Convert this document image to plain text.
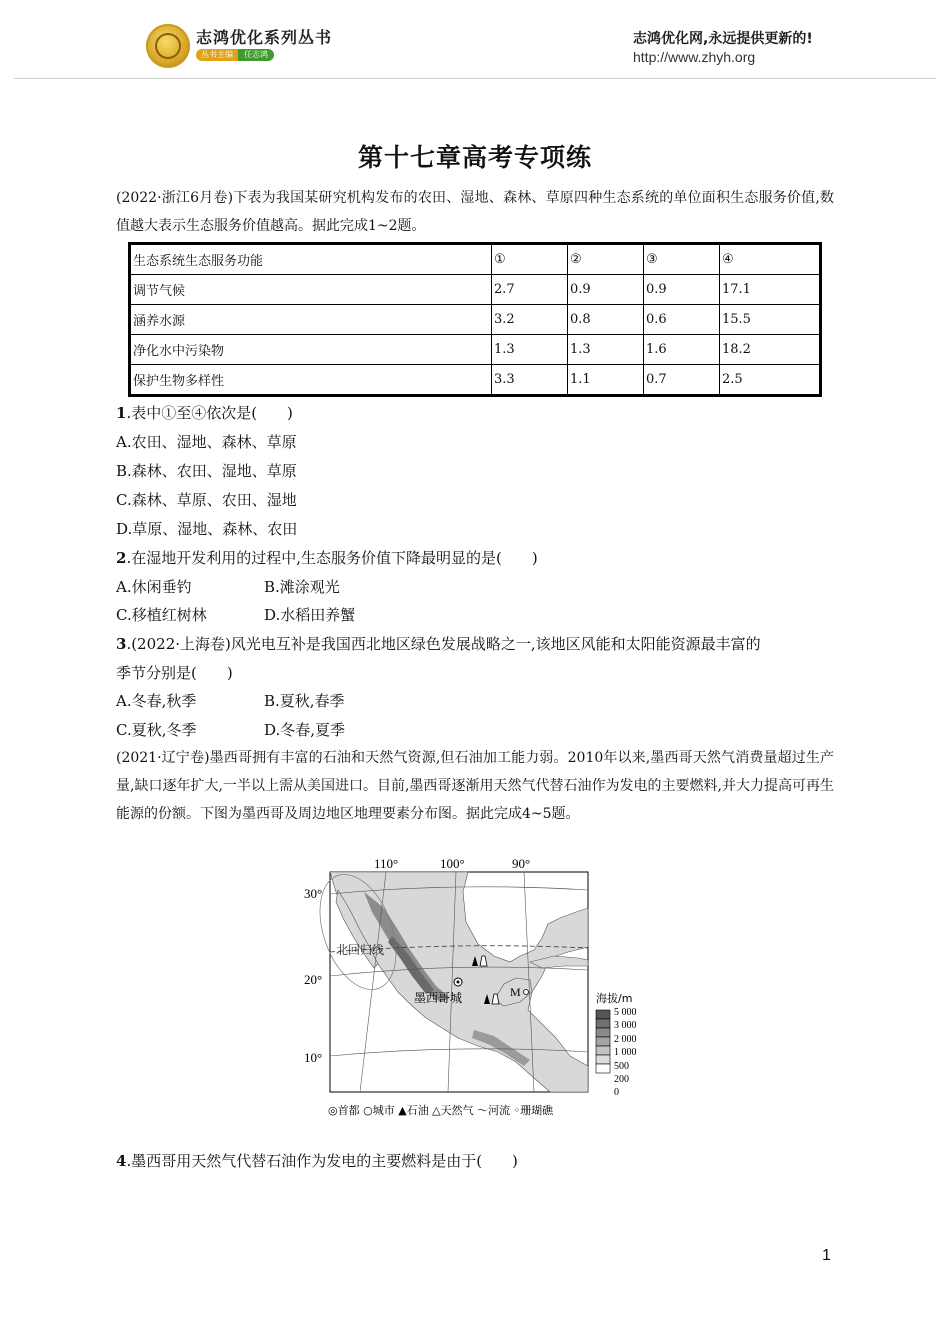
志鸿优化系列丛书
丛书主编	任志鸿
志鸿优化网,永远提供更新的!
http://www.zhyh.org
第十七章高考专项练
(2022·浙江6月卷)下表为我国某研究机构发布的农田、湿地、森林、草原四种生态系统的单位面积生态服务价值,数值越大表示生态服务价值越高。据此完成1~2题。
生态系统生态服务功能	①	②	③	④
调节气候	2.7	0.9	0.9	17.1
涵养水源	3.2	0.8	0.6	15.5
净化水中污染物	1.3	1.3	1.6	18.2
保护生物多样性	3.3	1.1	0.7	2.5
1.表中①至④依次是(　　)
A.农田、湿地、森林、草原
B.森林、农田、湿地、草原
C.森林、草原、农田、湿地
D.草原、湿地、森林、农田
2.在湿地开发利用的过程中,生态服务价值下降最明显的是(　　)
A.休闲垂钓	B.滩涂观光
C.移植红树林	D.水稻田养蟹
3.(2022·上海卷)风光电互补是我国西北地区绿色发展战略之一,该地区风能和太阳能资源最丰富的
季节分别是(　　)
A.冬春,秋季	B.夏秋,春季
C.夏秋,冬季	D.冬春,夏季
(2021·辽宁卷)墨西哥拥有丰富的石油和天然气资源,但石油加工能力弱。2010年以来,墨西哥天然气消费量超过生产量,缺口逐年扩大,一半以上需从美国进口。目前,墨西哥逐渐用天然气代替石油作为发电的主要燃料,并大力提高可再生能源的份额。下图为墨西哥及周边地区地理要素分布图。据此完成4~5题。
110°	100°	90°
30°
20°
10°
北回归线
墨西哥城	M	海拔/m
5 000
3 000
2 000
1 000
500
200
0
◎首都 ○城市 ▲石油 △天然气 ～河流 ◦珊瑚礁
4.墨西哥用天然气代替石油作为发电的主要燃料是由于(　　)
1
